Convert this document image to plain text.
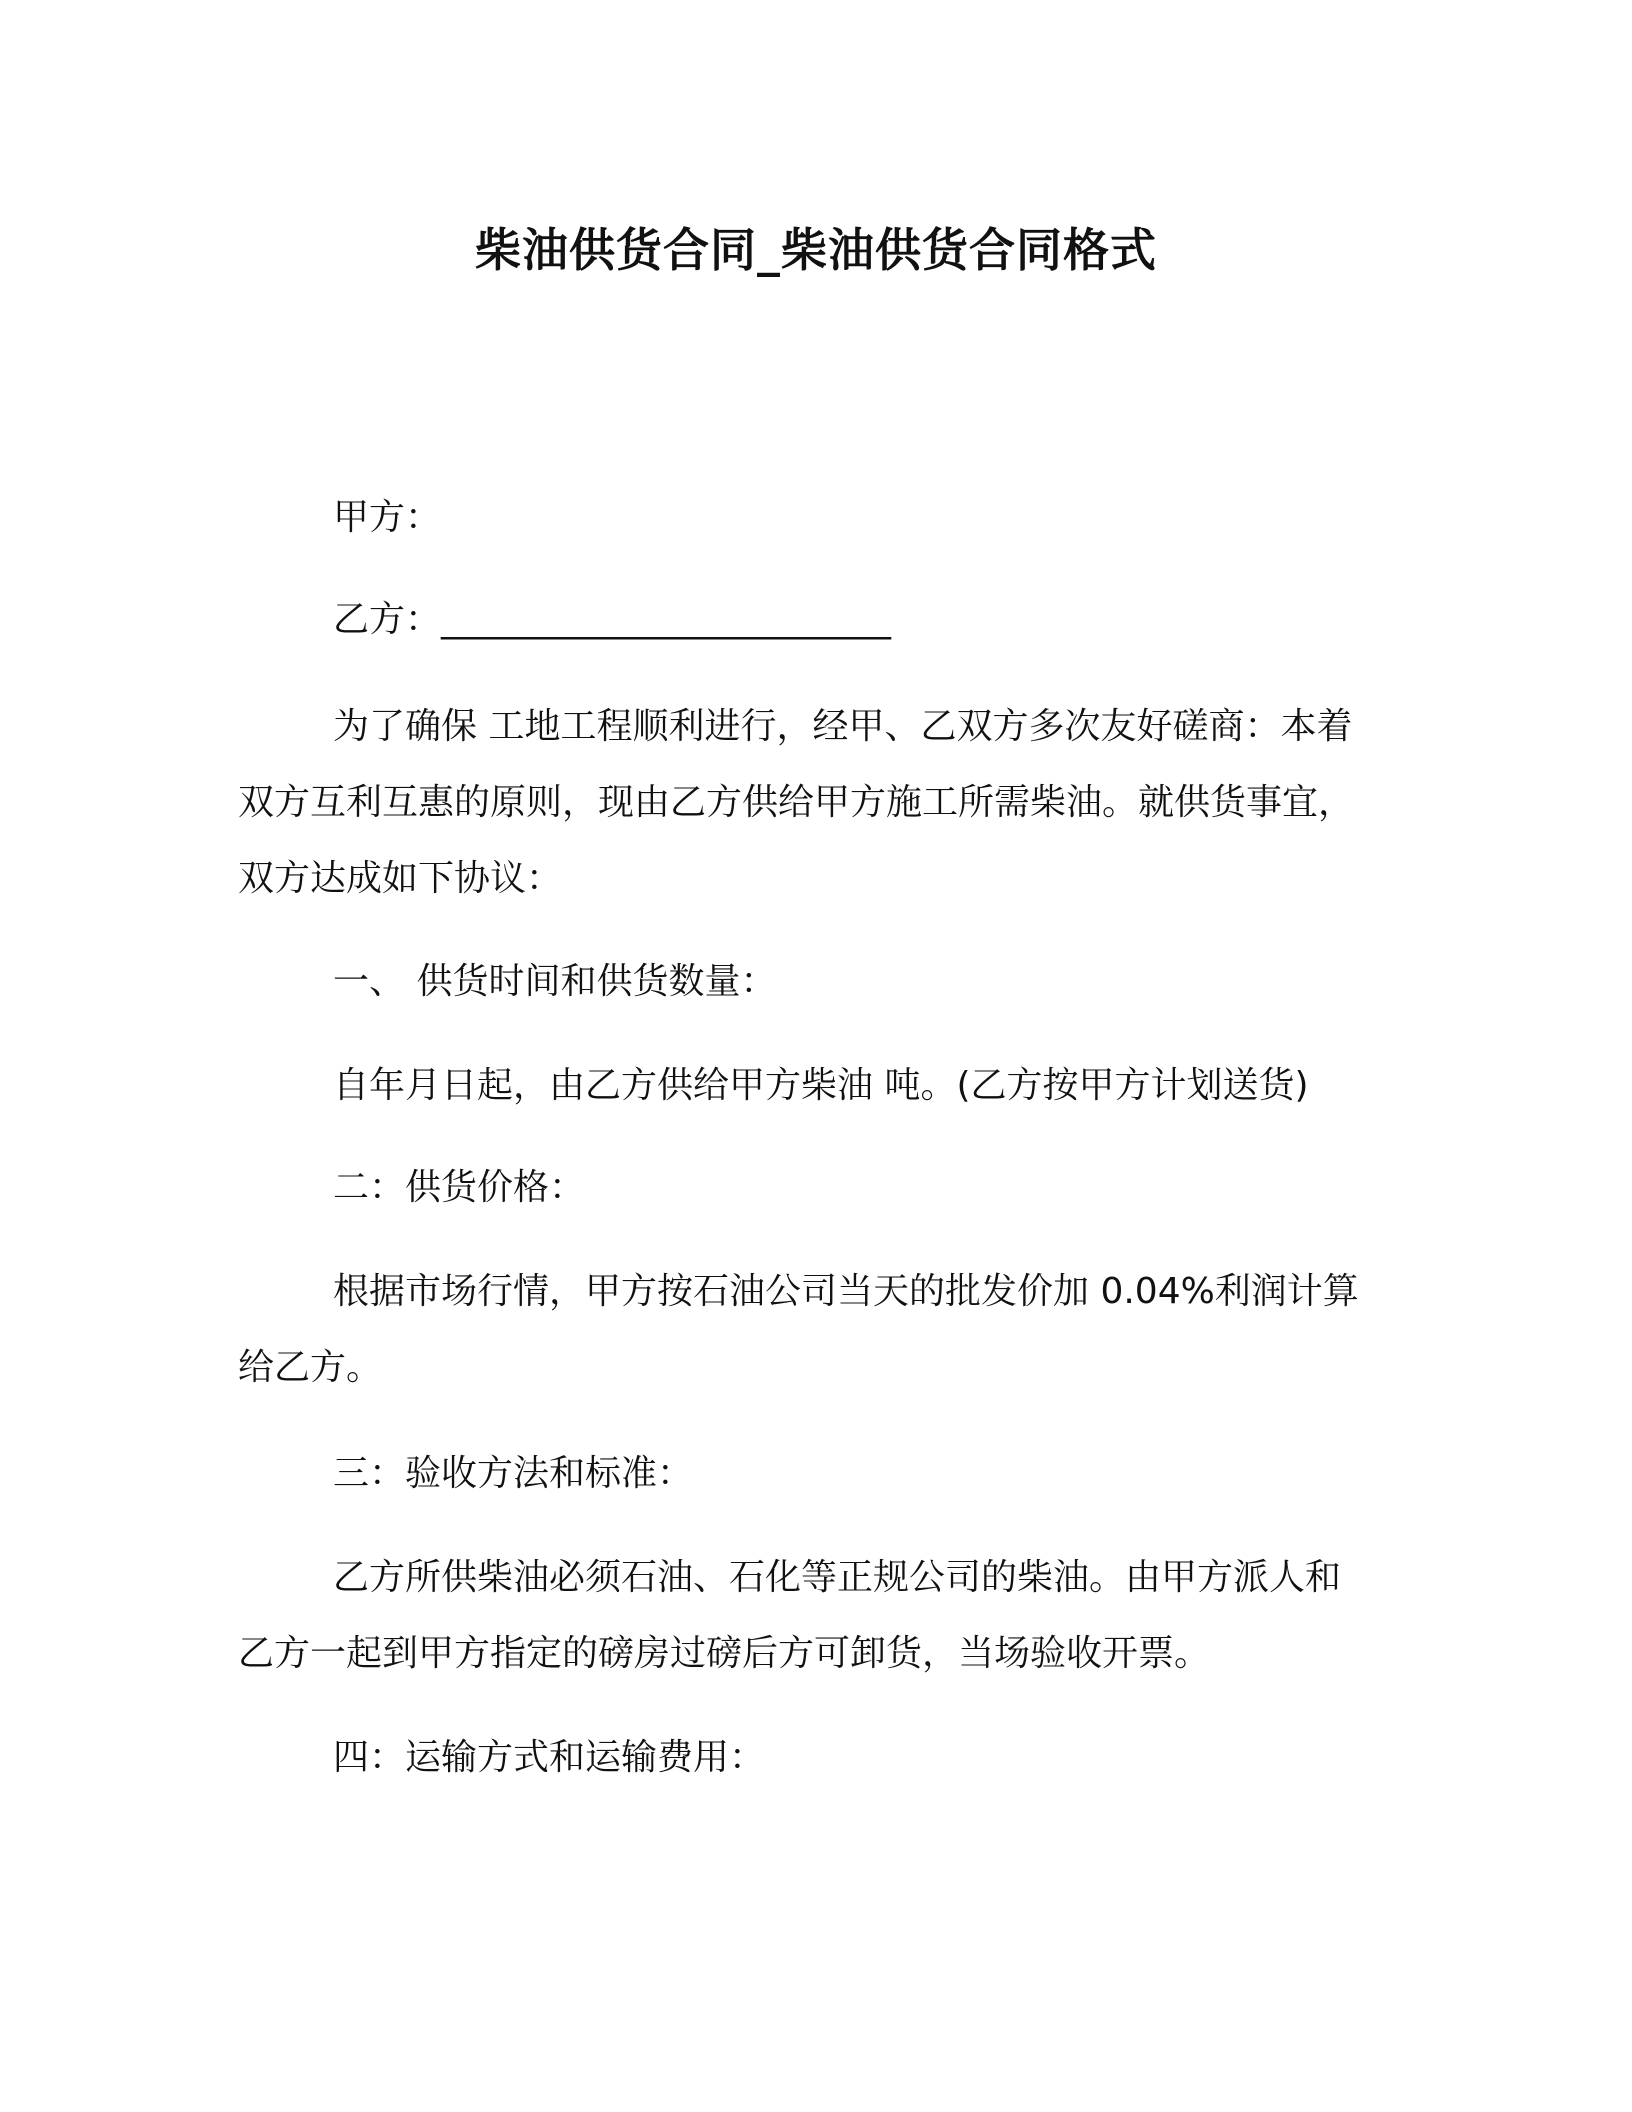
柴油供货合同_柴油供货合同格式
甲方：
乙方：_________________________
为了确保 工地工程顺利进行，经甲、乙双方多次友好磋商：本着
双方互利互惠的原则，现由乙方供给甲方施工所需柴油。就供货事宜，
双方达成如下协议：
一、 供货时间和供货数量：
自年月日起，由乙方供给甲方柴油 吨。(乙方按甲方计划送货)
二：供货价格：
根据市场行情，甲方按石油公司当天的批发价加 0.04%利润计算
给乙方。
三：验收方法和标准：
乙方所供柴油必须石油、石化等正规公司的柴油。由甲方派人和
乙方一起到甲方指定的磅房过磅后方可卸货，当场验收开票。
四：运输方式和运输费用：
